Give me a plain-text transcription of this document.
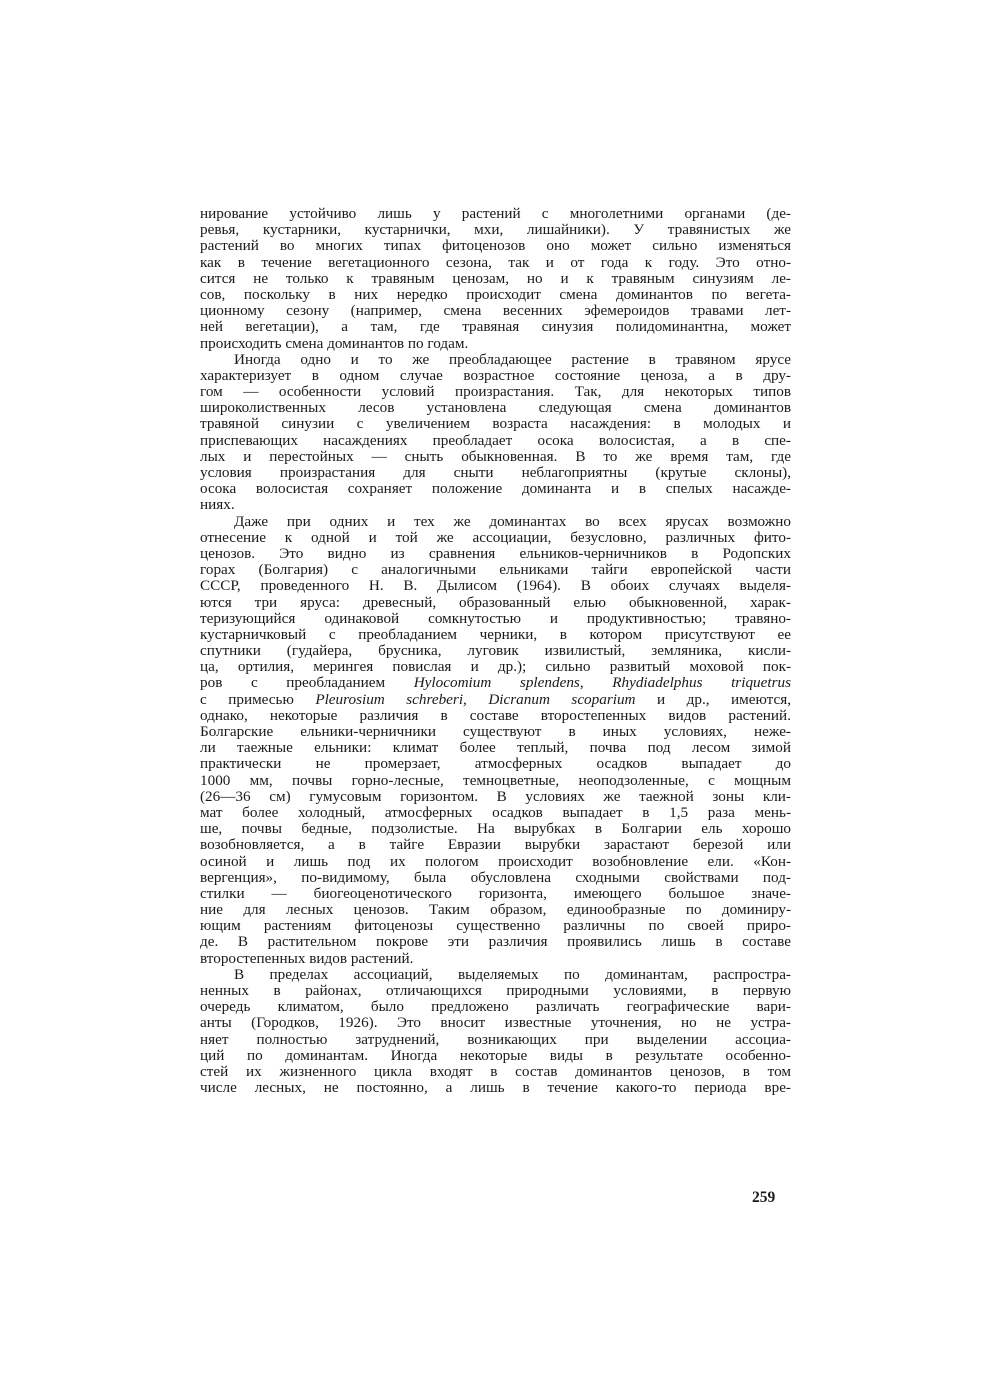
нирование устойчиво лишь у растений с многолетними органами (де-
ревья, кустарники, кустарнички, мхи, лишайники). У травянистых же
растений во многих типах фитоценозов оно может сильно изменяться
как в течение вегетационного сезона, так и от года к году. Это отно-
сится не только к травяным ценозам, но и к травяным синузиям ле-
сов, поскольку в них нередко происходит смена доминантов по вегета-
ционному сезону (например, смена весенних эфемероидов травами лет-
ней вегетации), а там, где травяная синузия полидоминантна, может
происходить смена доминантов по годам.
Иногда одно и то же преобладающее растение в травяном ярусе
характеризует в одном случае возрастное состояние ценоза, а в дру-
гом — особенности условий произрастания. Так, для некоторых типов
широколиственных лесов установлена следующая смена доминантов
травяной синузии с увеличением возраста насаждения: в молодых и
приспевающих насаждениях преобладает осока волосистая, а в спе-
лых и перестойных — сныть обыкновенная. В то же время там, где
условия произрастания для сныти неблагоприятны (крутые склоны),
осока волосистая сохраняет положение доминанта и в спелых насажде-
ниях.
Даже при одних и тех же доминантах во всех ярусах возможно
отнесение к одной и той же ассоциации, безусловно, различных фито-
ценозов. Это видно из сравнения ельников-черничников в Родопских
горах (Болгария) с аналогичными ельниками тайги европейской части
СССР, проведенного Н. В. Дылисом (1964). В обоих случаях выделя-
ются три яруса: древесный, образованный елью обыкновенной, харак-
теризующийся одинаковой сомкнутостью и продуктивностью; травяно-
кустарничковый с преобладанием черники, в котором присутствуют ее
спутники (гудайера, брусника, луговик извилистый, земляника, кисли-
ца, ортилия, мерингея повислая и др.); сильно развитый моховой пок-
ров с преобладанием Hylocomium splendens, Rhydiadelphus triquetrus
с примесью Pleurosium schreberi, Dicranum scoparium и др., имеются,
однако, некоторые различия в составе второстепенных видов растений.
Болгарские ельники-черничники существуют в иных условиях, неже-
ли таежные ельники: климат более теплый, почва под лесом зимой
практически не промерзает, атмосферных осадков выпадает до
1000 мм, почвы горно-лесные, темноцветные, неоподзоленные, с мощным
(26—36 см) гумусовым горизонтом. В условиях же таежной зоны кли-
мат более холодный, атмосферных осадков выпадает в 1,5 раза мень-
ше, почвы бедные, подзолистые. На вырубках в Болгарии ель хорошо
возобновляется, а в тайге Евразии вырубки зарастают березой или
осиной и лишь под их пологом происходит возобновление ели. «Кон-
вергенция», по-видимому, была обусловлена сходными свойствами под-
стилки — биогеоценотического горизонта, имеющего большое значе-
ние для лесных ценозов. Таким образом, единообразные по доминиру-
ющим растениям фитоценозы существенно различны по своей приро-
де. В растительном покрове эти различия проявились лишь в составе
второстепенных видов растений.
В пределах ассоциаций, выделяемых по доминантам, распростра-
ненных в районах, отличающихся природными условиями, в первую
очередь климатом, было предложено различать географические вари-
анты (Городков, 1926). Это вносит известные уточнения, но не устра-
няет полностью затруднений, возникающих при выделении ассоциа-
ций по доминантам. Иногда некоторые виды в результате особенно-
стей их жизненного цикла входят в состав доминантов ценозов, в том
числе лесных, не постоянно, а лишь в течение какого-то периода вре-
259
